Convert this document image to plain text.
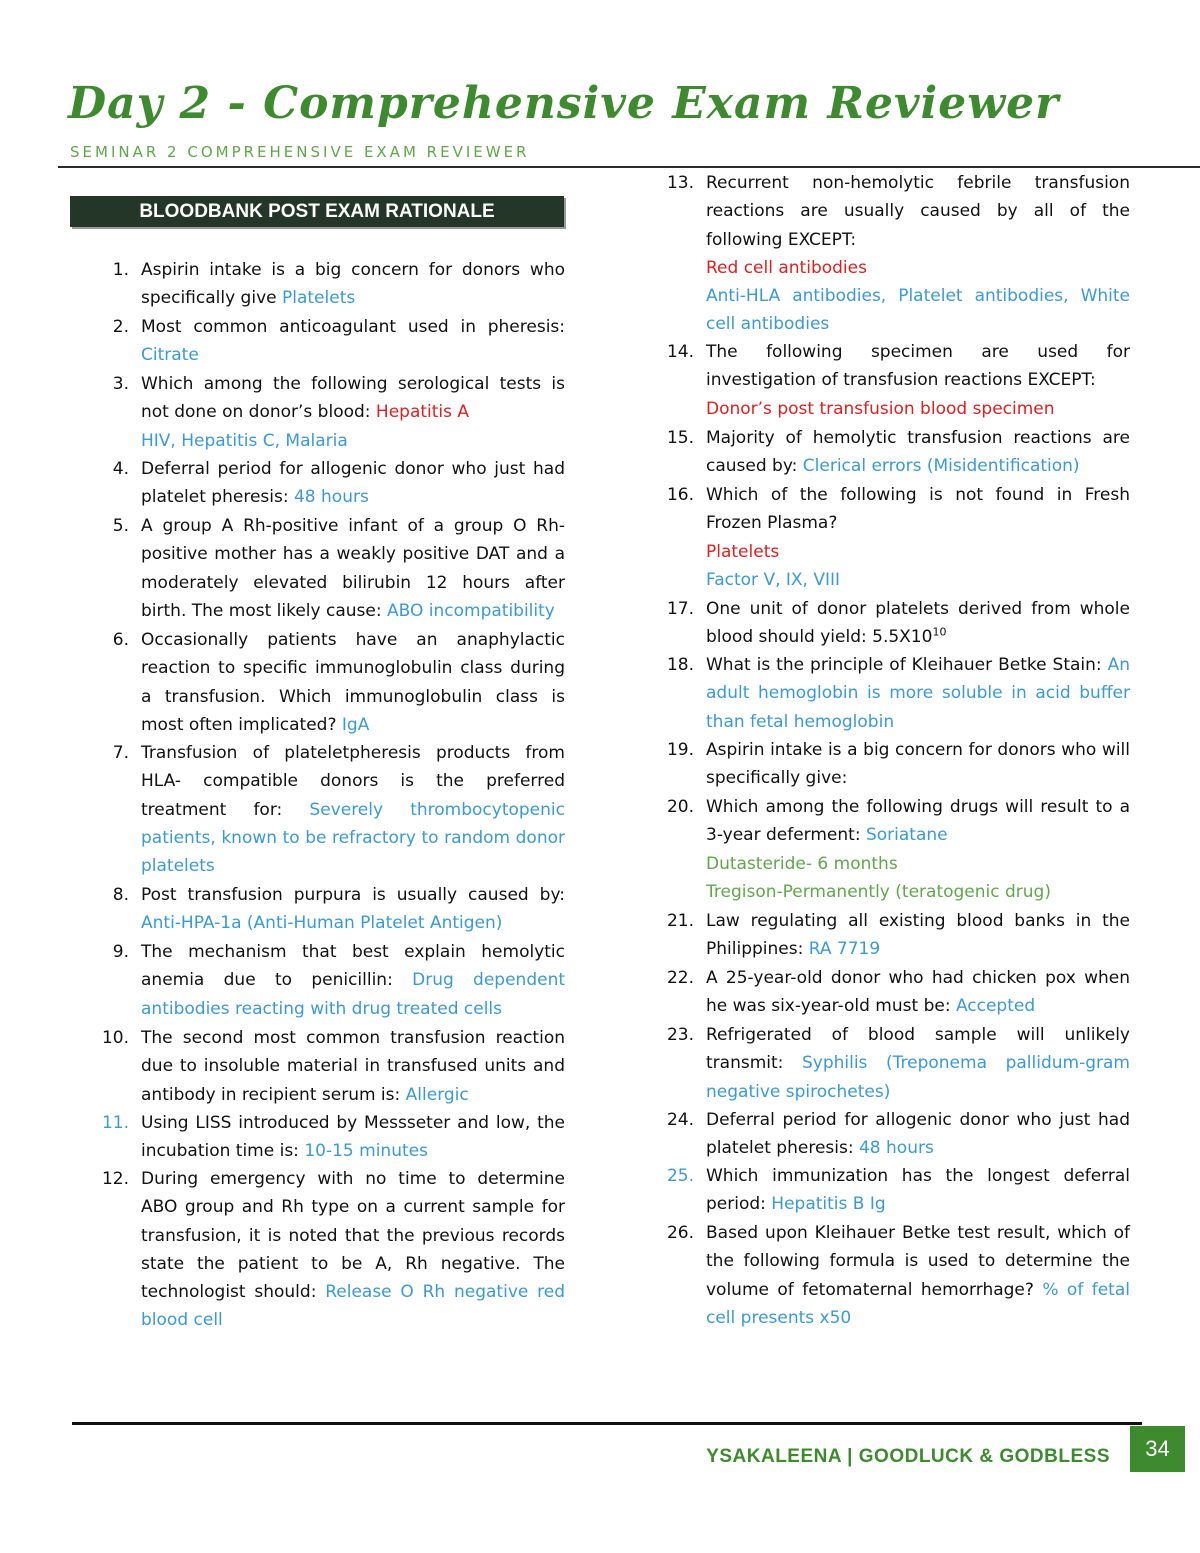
Day 2 - Comprehensive Exam Reviewer
SEMINAR 2 COMPREHENSIVE EXAM REVIEWER
BLOODBANK POST EXAM RATIONALE

1. Aspirin intake is a big concern for donors who specifically give Platelets

2. Most common anticoagulant used in pheresis: Citrate

3. Which among the following serological tests is not done on donor’s blood: Hepatitis A
HIV, Hepatitis C, Malaria

4. Deferral period for allogenic donor who just had platelet pheresis: 48 hours

5. A group A Rh-positive infant of a group O Rh-positive mother has a weakly positive DAT and a moderately elevated bilirubin 12 hours after birth. The most likely cause: ABO incompatibility

6. Occasionally patients have an anaphylactic reaction to specific immunoglobulin class during a transfusion. Which immunoglobulin class is most often implicated? IgA

7. Transfusion of plateletpheresis products from HLA- compatible donors is the preferred treatment for: Severely thrombocytopenic patients, known to be refractory to random donor platelets

8. Post transfusion purpura is usually caused by: Anti-HPA-1a (Anti-Human Platelet Antigen)

9. The mechanism that best explain hemolytic anemia due to penicillin: Drug dependent antibodies reacting with drug treated cells

10. The second most common transfusion reaction due to insoluble material in transfused units and antibody in recipient serum is: Allergic

11. Using LISS introduced by Messseter and low, the incubation time is: 10-15 minutes

12. During emergency with no time to determine ABO group and Rh type on a current sample for transfusion, it is noted that the previous records state the patient to be A, Rh negative. The technologist should: Release O Rh negative red blood cell

13. Recurrent non-hemolytic febrile transfusion reactions are usually caused by all of the following EXCEPT:
Red cell antibodies
Anti-HLA antibodies, Platelet antibodies, White cell antibodies

14. The following specimen are used for investigation of transfusion reactions EXCEPT:
Donor’s post transfusion blood specimen

15. Majority of hemolytic transfusion reactions are caused by: Clerical errors (Misidentification)

16. Which of the following is not found in Fresh Frozen Plasma?
Platelets
Factor V, IX, VIII

17. One unit of donor platelets derived from whole blood should yield: $5.5X10^{10}$

18. What is the principle of Kleihauer Betke Stain: An adult hemoglobin is more soluble in acid buffer than fetal hemoglobin

19. Aspirin intake is a big concern for donors who will specifically give:

20. Which among the following drugs will result to a 3-year deferment: Soriatane
Dutasteride- 6 months
Tregison-Permanently (teratogenic drug)

21. Law regulating all existing blood banks in the Philippines: RA 7719

22. A 25-year-old donor who had chicken pox when he was six-year-old must be: Accepted

23. Refrigerated of blood sample will unlikely transmit: Syphilis (Treponema pallidum-gram negative spirochetes)

24. Deferral period for allogenic donor who just had platelet pheresis: 48 hours

25. Which immunization has the longest deferral period: Hepatitis B Ig

26. Based upon Kleihauer Betke test result, which of the following formula is used to determine the volume of fetomaternal hemorrhage? % of fetal cell presents x50

YSAKALEENA | GOODLUCK & GODBLESS	34
